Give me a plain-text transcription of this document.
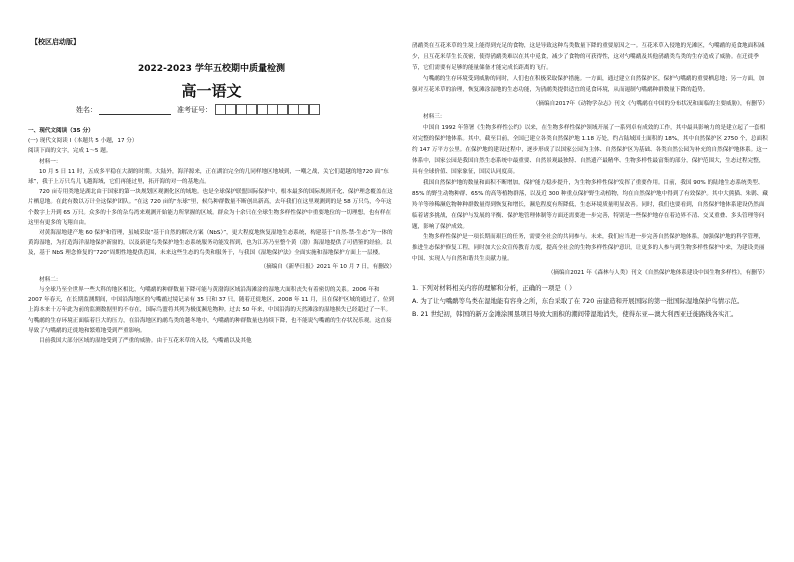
【校区启动版】
2022-2023 学年五校期中质量检测
高一语文
姓名：	准考证号：

一、现代文阅读（35 分）

(一) 现代文阅读 I（本题共 5 小题，17 分）

阅读下面的文字，完成 1～5 题。

材料一：

10 月 5 日 11 时，五成多平稳在大湖的时期。大陆外，海洋源来，正在湖泊完全的几同样地区地域到，一嘲之战，关它们超越的地720 面“东球”，我于上万只鸟儿飞越海域，它们再能过里，拓开海的对一的基地点。

720 亩专用类地是湖北由于国家的第一块规划区观测化区的域地。也是全球保护联盟国际保护中，根本最多的国际规则开化、保护理念覆盖在这片栖息地。在此有数以万计全这保护团队。“在这 720 亩的“东球”里，候鸟种群数量不断创出新高，去年我们在这里观测到的是 58 万只鸟，今年这个数字上升到 65 万只。众多的十多的杂鸟湾来观测开始能力所掌握的区域。群众为十余只在全球生物多样性保护中重要地位的一切理想，也有样在这里有更多的飞翔自由。

对黄海湿地建产地 60 保护和管理，虽城采取“基于自然的解决方案（NbS）”，更大程度地恢复湿地生态系统，构建基于“自然-禁-生态”为一体的黄海湿地，为打造海洋湿地保护新窗的，以及新建鸟类保护地生态系统服务功能发挥到，也为江苏乃至整个黄（渤）海湿地提供了可借鉴的经验。以及，基于 NbS 理念修复的“720”周期性地提供范围，未来这些生态的鸟类和服务于，与我国《湿地保护法》全面实施和湿地保护方面上一层楼。

（摘编自《新华日报》2021 年 10 月 7 日，有删改）

材料二：

与全球乃至全世界一些大科的地区相比，勺嘴鹬的种群数量下降可能与黄渤海区域沿海滩涂的湿地大面积丧失有着密切的关系。2006 年和 2007 年春天，在长期监测期间，中国沿海地区的勺嘴鹬过境记录有 35 只和 37 只，随着迁徙地区，2008 年 11 月，且在保护区域的通过了，位到上海本来十万年此为前的监测数据里的不存在，国际鸟盟将其列为极度濒危物种。过去 50 年来，中国沿海的天然滩涂的湿地损失已经超过了一半。勺嘴鹬的生存环境正面临着巨大的压力，在沿海地区的鹬鸟类的越冬地中，勺嘴鹬的种群数量也持续下降，也不能说勺嘴鹬的生存状况乐观。这直接导致了勺嘴鹬的迁徙地和繁殖地受到严重影响。

目前我国大部分区域的湿地受到了严重的威胁。由于互花米草的入侵，勺嘴鹬以及其他

鸻鹬类在互花米草的生境上能得到充足的食物，这是导致这种鸟类数量下降的重要原因之一。互花米草入侵地的光滩区，勺嘴鹬的觅食地面积减少，且互花米草生长茂密，使得鸻鹬类难以在其中觅食，减少了食物的可获得性，这对勺嘴鹬及其他鸻鹬类鸟类的生存造成了威胁。在迁徙季节，它们需要有足够的能量储备才能完成长距离的飞行。

勺嘴鹬的生存环境受到威胁的同时，人们也在积极采取保护措施。一方面，通过建立自然保护区，保护勺嘴鹬的重要栖息地；另一方面，加强对互花米草的治理，恢复滩涂湿地的生态功能，为鸻鹬类提供适宜的觅食环境，从而遏制勺嘴鹬种群数量下降的趋势。

（摘编自2017年《动物学杂志》刊文《勺嘴鹬在中国的分布状况和面临的主要威胁》，有删节）

材料三：

中国自 1992 年签署《生物多样性公约》以来，在生物多样性保护领域开展了一系列卓有成效的工作，其中最具影响力的是建立起了一套相对完整的保护地体系。其中，截至目前，全国已建立各类自然保护地 1.18 万处，约占陆域国土面积的 18%，其中自然保护区 2750 个，总面积约 147 万平方公里。在保护地的建设过程中，逐步形成了以国家公园为主体、自然保护区为基础、各类自然公园为补充的自然保护地体系。这一体系中，国家公园是我国自然生态系统中最重要、自然景观最独特、自然遗产最精华、生物多样性最富集的部分，保护范围大，生态过程完整，具有全球价值、国家象征，国民认同度高。

我国自然保护地的数量和面积不断增加，保护能力稳步提升，为生物多样性保护发挥了重要作用。目前，我国 90% 的陆地生态系统类型、85% 的野生动物种群、65% 的高等植物群落，以及近 300 种重点保护野生动植物，均在自然保护地中得到了有效保护。其中大熊猫、朱鹮、藏羚羊等珍稀濒危物种种群数量得到恢复和增长，濒危程度有所降低，生态环境质量明显改善。同时，我们也要看到，自然保护地体系建设仍然面临着诸多挑战，在保护与发展的平衡、保护地管理体制等方面还需要进一步完善，特别是一些保护地存在着边界不清、交叉重叠、多头管理等问题，影响了保护成效。

生物多样性保护是一项长期而艰巨的任务，需要全社会的共同参与。未来，我们应当进一步完善自然保护地体系，加强保护地的科学管理，推进生态保护修复工程，同时加大公众宣传教育力度，提高全社会的生物多样性保护意识，让更多的人参与到生物多样性保护中来，为建设美丽中国、实现人与自然和谐共生贡献力量。

（摘编自2021 年《森林与人类》刊文《自然保护地体系建设中国生物多样性》，有删节）

1. 下列对材料相关内容的理解和分析，正确的一项是（ ）

A. 为了让勺嘴鹬等鸟类在湿地能有容身之所，东台采取了在 720 亩建造和开展国际的第一批国际湿地保护鸟情示范。

B. 21 世纪初，韩国的新万金滩涂围垦项目导致大面积的潮间带湿地消失，使得东亚—澳大利西亚迁徙路线各实汇。
